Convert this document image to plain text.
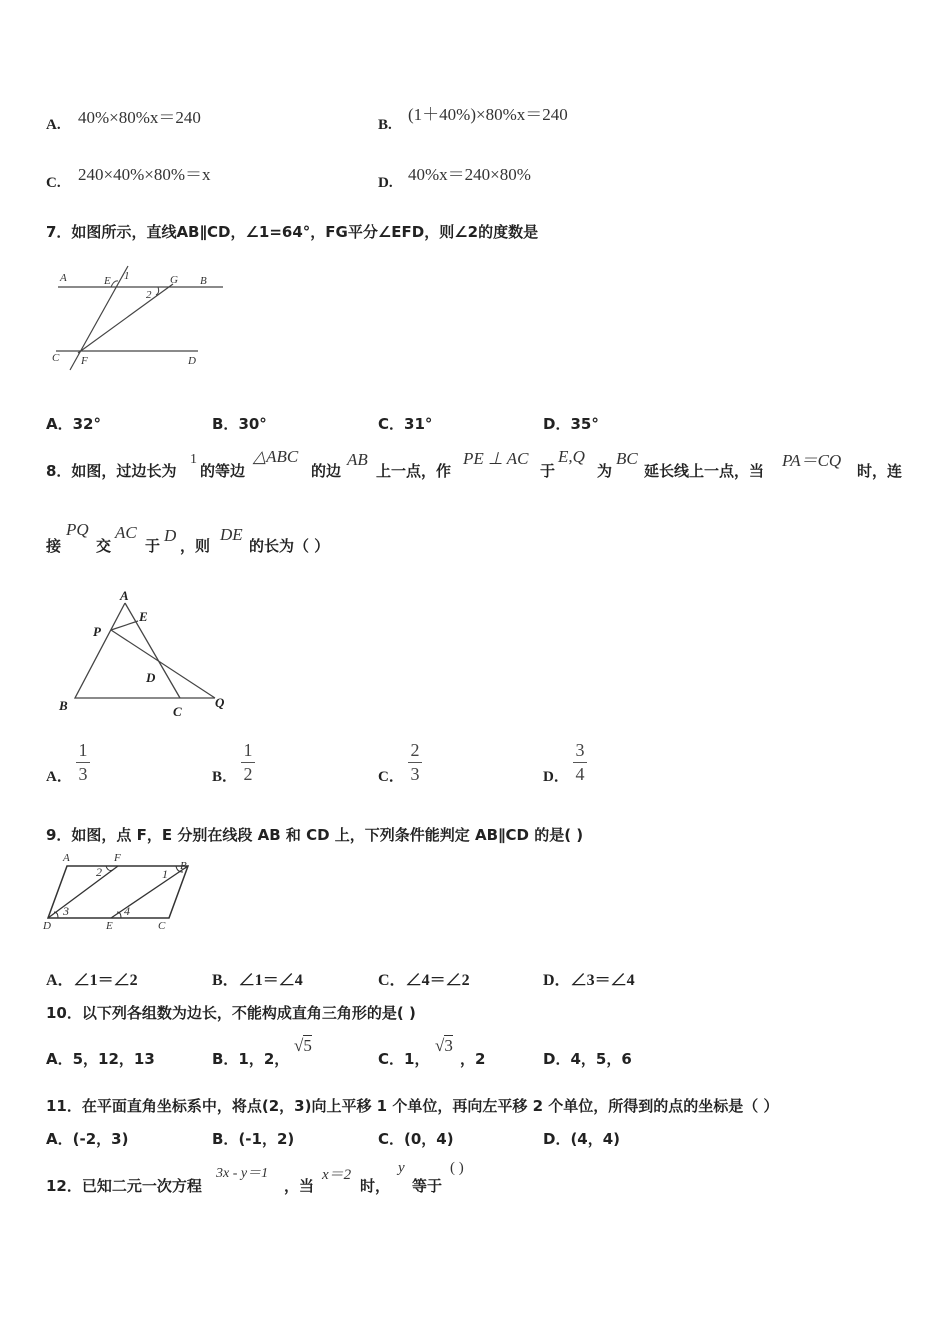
A. 40%×80%x＝240	B.
(1＋40%)×80%x＝240
C. 240×40%×80%＝x	D. 40%x＝240×80%
7．如图所示，直线AB∥CD，∠1=64°，FG平分∠EFD，则∠2的度数是
A	E 1	G B
2
C F	D
A．32°	B．30°	C．31°	D．35°
8．如图，过边长为
1
的等边
△ABC
的边
AB
上一点，作
PE ⊥ AC
于
E,Q
为
BC
延长线上一点，当
PA＝CQ
时，连
接
PQ
交
AC
于
D
，则
DE
的长为（ ）
A
E
P
D
B	C
Q
A．
1
3	B．
1
2	C．
2
3	D．
3
4
9．如图，点 F，E 分别在线段 AB 和 CD 上，下列条件能判定 AB∥CD 的是( )
A	F
B
D	E	C
1
2
3	4
A．∠1＝∠2	B．∠1＝∠4	C．∠4＝∠2	D．∠3＝∠4
10．以下列各组数为边长，不能构成直角三角形的是( )
A．5，12，13	B．1，2，
√5
C．1，
√3
，2	D．4，5，6
11．在平面直角坐标系中，将点(2，3)向上平移 1 个单位，再向左平移 2 个单位，所得到的点的坐标是（ ）
A．(-2，3)	B．(-1，2)	C．(0，4)	D．(4，4)
12．已知二元一次方程
3x - y＝1
，当
x＝2
时，
y
等于
( )
